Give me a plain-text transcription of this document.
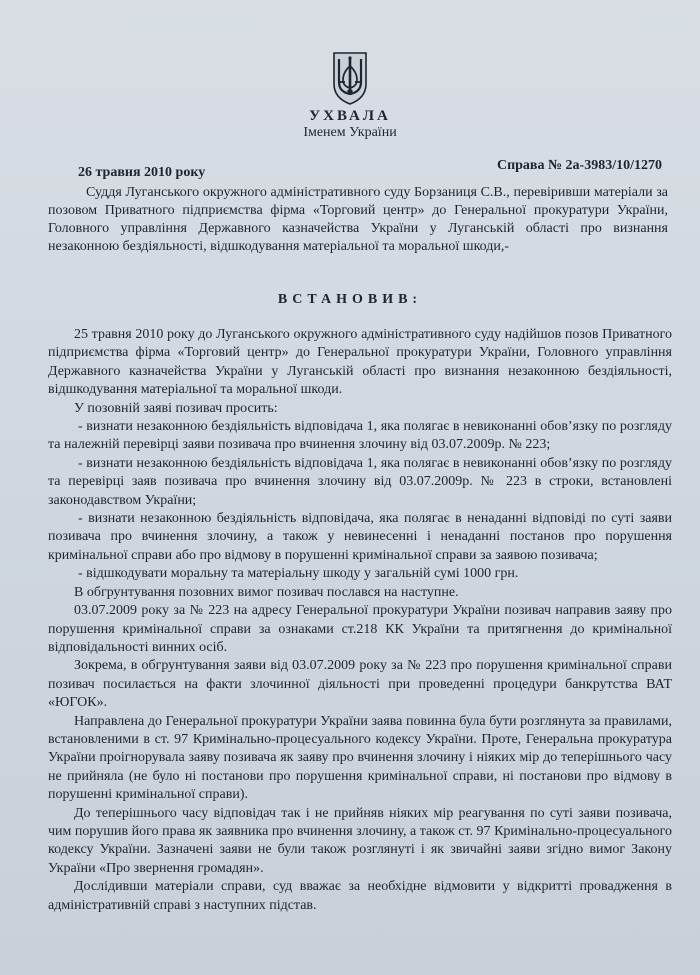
УХВАЛА
Іменем України
26 травня 2010 року	Справа № 2а-3983/10/1270

Суддя Луганського окружного адміністративного суду Борзаниця С.В., перевіривши матеріали за позовом Приватного підприємства фірма «Торговий центр» до Генеральної прокуратури України, Головного управління Державного казначейства України у Луганській області про визнання незаконною бездіяльності, відшкодування матеріальної та моральної шкоди,-

ВСТАНОВИВ:

25 травня 2010 року до Луганського окружного адміністративного суду надійшов позов Приватного підприємства фірма «Торговий центр» до Генеральної прокуратури України, Головного управління Державного казначейства України у Луганській області про визнання незаконною бездіяльності, відшкодування матеріальної та моральної шкоди.

У позовній заяві позивач просить:

- визнати незаконною бездіяльність відповідача 1, яка полягає в невиконанні обов’язку по розгляду та належній перевірці заяви позивача про вчинення злочину від 03.07.2009р. № 223;

- визнати незаконною бездіяльність відповідача 1, яка полягає в невиконанні обов’язку по розгляду та перевірці заяв позивача про вчинення злочину від 03.07.2009р. № 223 в строки, встановлені законодавством України;

- визнати незаконною бездіяльність відповідача, яка полягає в ненаданні відповіді по суті заяви позивача про вчинення злочину, а також у невинесенні і ненаданні постанов про порушення кримінальної справи або про відмову в порушенні кримінальної справи за заявою позивача;

- відшкодувати моральну та матеріальну шкоду у загальній сумі 1000 грн.

В обгрунтування позовних вимог позивач послався на наступне.

03.07.2009 року за № 223 на адресу Генеральної прокуратури України позивач направив заяву про порушення кримінальної справи за ознаками ст.218 КК України та притягнення до кримінальної відповідальності винних осіб.

Зокрема, в обгрунтування заяви від 03.07.2009 року за № 223 про порушення кримінальної справи позивач посилається на факти злочинної діяльності при проведенні процедури банкрутства ВАТ «ЮГОК».

Направлена до Генеральної прокуратури України заява повинна була бути розглянута за правилами, встановленими в ст. 97 Кримінально-процесуального кодексу України. Проте, Генеральна прокуратура України проігнорувала заяву позивача як заяву про вчинення злочину і ніяких мір до теперішнього часу не прийняла (не було ні постанови про порушення кримінальної справи, ні постанови про відмову в порушенні кримінальної справи).

До теперішнього часу відповідач так і не прийняв ніяких мір реагування по суті заяви позивача, чим порушив його права як заявника про вчинення злочину, а також ст. 97 Кримінально-процесуального кодексу України. Зазначені заяви не були також розглянуті і як звичайні заяви згідно вимог Закону України «Про звернення громадян».

Дослідивши матеріали справи, суд вважає за необхідне відмовити у відкритті провадження в адміністративній справі з наступних підстав.
